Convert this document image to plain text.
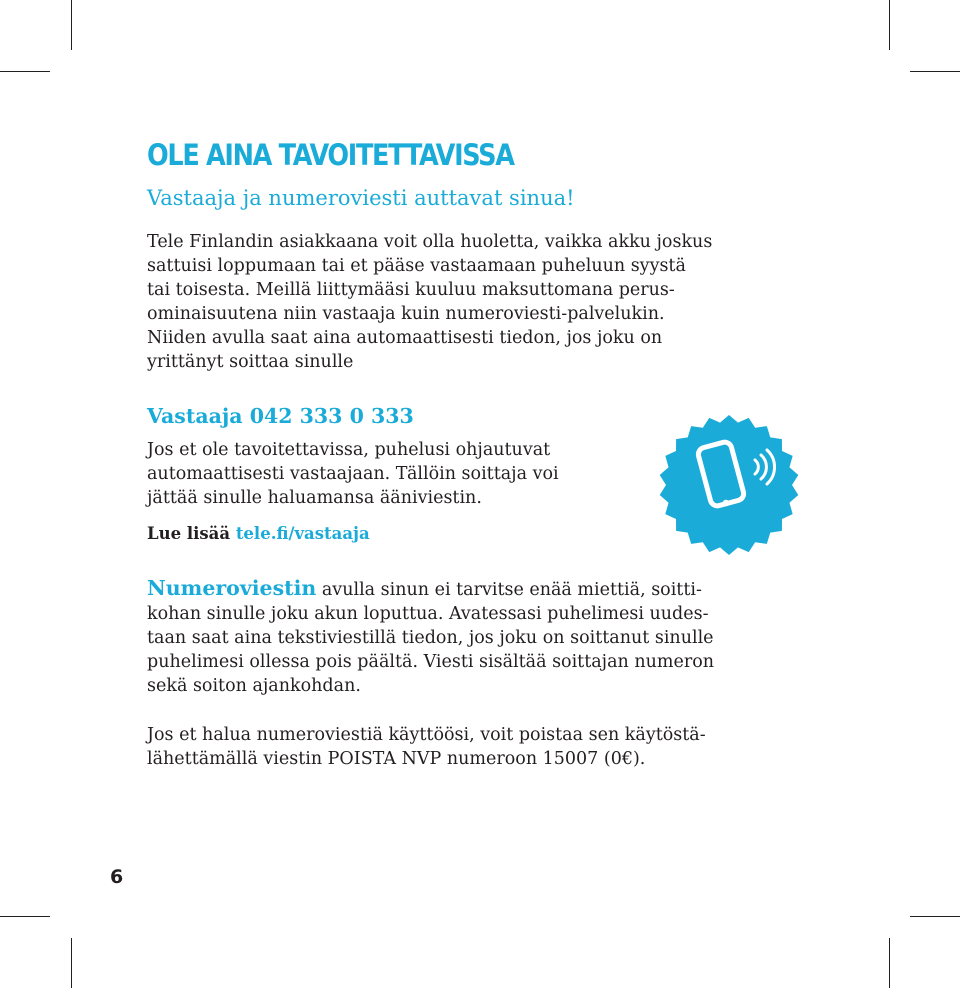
OLE AINA TAVOITETTAVISSA

Vastaaja ja numeroviesti auttavat sinua!

Tele Finlandin asiakkaana voit olla huoletta, vaikka akku joskus
sattuisi loppumaan tai et pääse vastaamaan puheluun syystä
tai toisesta. Meillä liittymääsi kuuluu maksuttomana perus-
ominaisuutena niin vastaaja kuin numeroviesti-palvelukin.
Niiden avulla saat aina automaattisesti tiedon, jos joku on
yrittänyt soittaa sinulle
Vastaaja 042 333 0 333
Jos et ole tavoitettavissa, puhelusi ohjautuvat
automaattisesti vastaajaan. Tällöin soittaja voi
jättää sinulle haluamansa ääniviestin.

Lue lisää tele.fi/vastaaja

Numeroviestin avulla sinun ei tarvitse enää miettiä, soitti-
kohan sinulle joku akun loputtua. Avatessasi puhelimesi uudes-
taan saat aina tekstiviestillä tiedon, jos joku on soittanut sinulle
puhelimesi ollessa pois päältä. Viesti sisältää soittajan numeron
sekä soiton ajankohdan.
Jos et halua numeroviestiä käyttöösi, voit poistaa sen käytöstä-
lähettämällä viestin POISTA NVP numeroon 15007 (0€).
6
